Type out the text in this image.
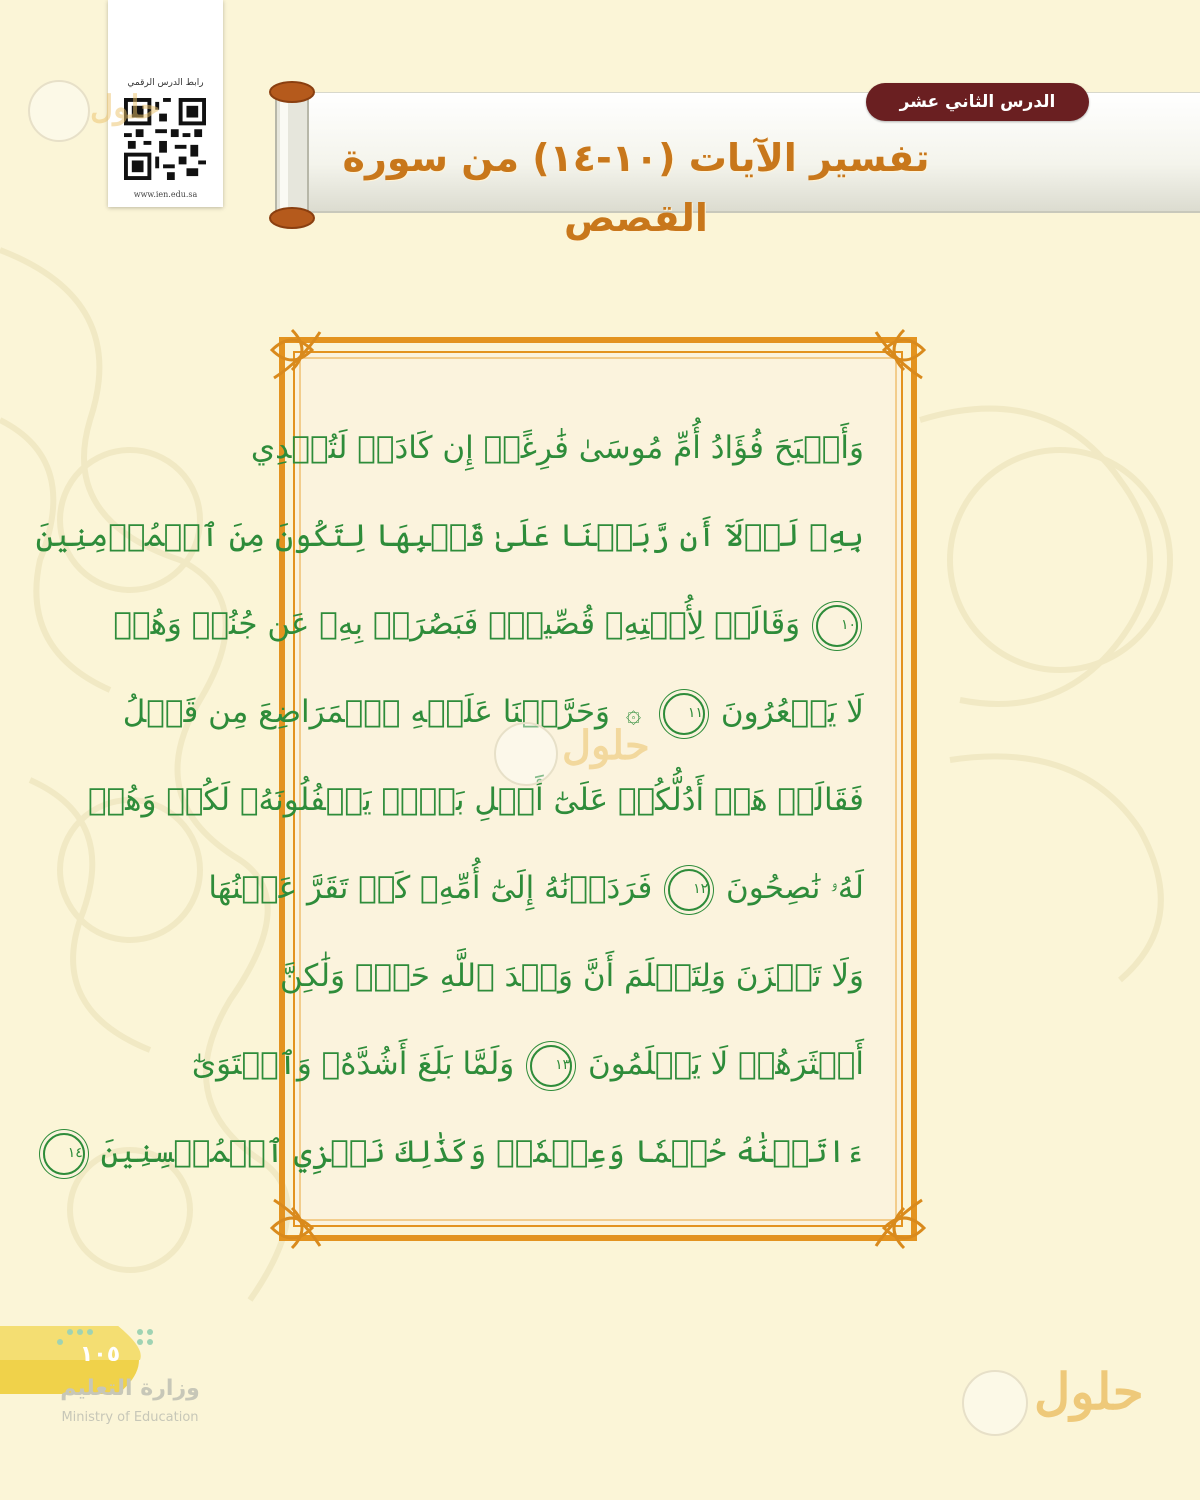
رابط الدرس الرقمي
www.ien.edu.sa
حلول	الدرس الثاني عشر
تفسير الآيات (١٠-١٤) من سورة القصص
وَأَصۡبَحَ فُؤَادُ أُمِّ مُوسَىٰ فَٰرِغًاۖ إِن كَادَتۡ لَتُبۡدِي
بِهِۦ لَوۡلَآ أَن رَّبَطۡنَا عَلَىٰ قَلۡبِهَا لِتَكُونَ مِنَ ٱلۡمُؤۡمِنِينَ
١٠ وَقَالَتۡ لِأُخۡتِهِۦ قُصِّيهِۖ فَبَصُرَتۡ بِهِۦ عَن جُنُبٖ وَهُمۡ
لَا يَشۡعُرُونَ ١١ ۞ وَحَرَّمۡنَا عَلَيۡهِ ٱلۡمَرَاضِعَ مِن قَبۡلُ
فَقَالَتۡ هَلۡ أَدُلُّكُمۡ عَلَىٰٓ أَهۡلِ بَيۡتٖ يَكۡفُلُونَهُۥ لَكُمۡ وَهُمۡ
لَهُۥ نَٰصِحُونَ ١٢ فَرَدَدۡنَٰهُ إِلَىٰٓ أُمِّهِۦ كَيۡ تَقَرَّ عَيۡنُهَا
وَلَا تَحۡزَنَ وَلِتَعۡلَمَ أَنَّ وَعۡدَ ٱللَّهِ حَقّٞ وَلَٰكِنَّ
أَكۡثَرَهُمۡ لَا يَعۡلَمُونَ ١٣ وَلَمَّا بَلَغَ أَشُدَّهُۥ وَٱسۡتَوَىٰٓ
ءَاتَيۡنَٰهُ حُكۡمٗا وَعِلۡمٗاۚ وَكَذَٰلِكَ نَجۡزِي ٱلۡمُحۡسِنِينَ ١٤
حلول
حلول
١٠٥
وزارة التعليم
Ministry of Education
